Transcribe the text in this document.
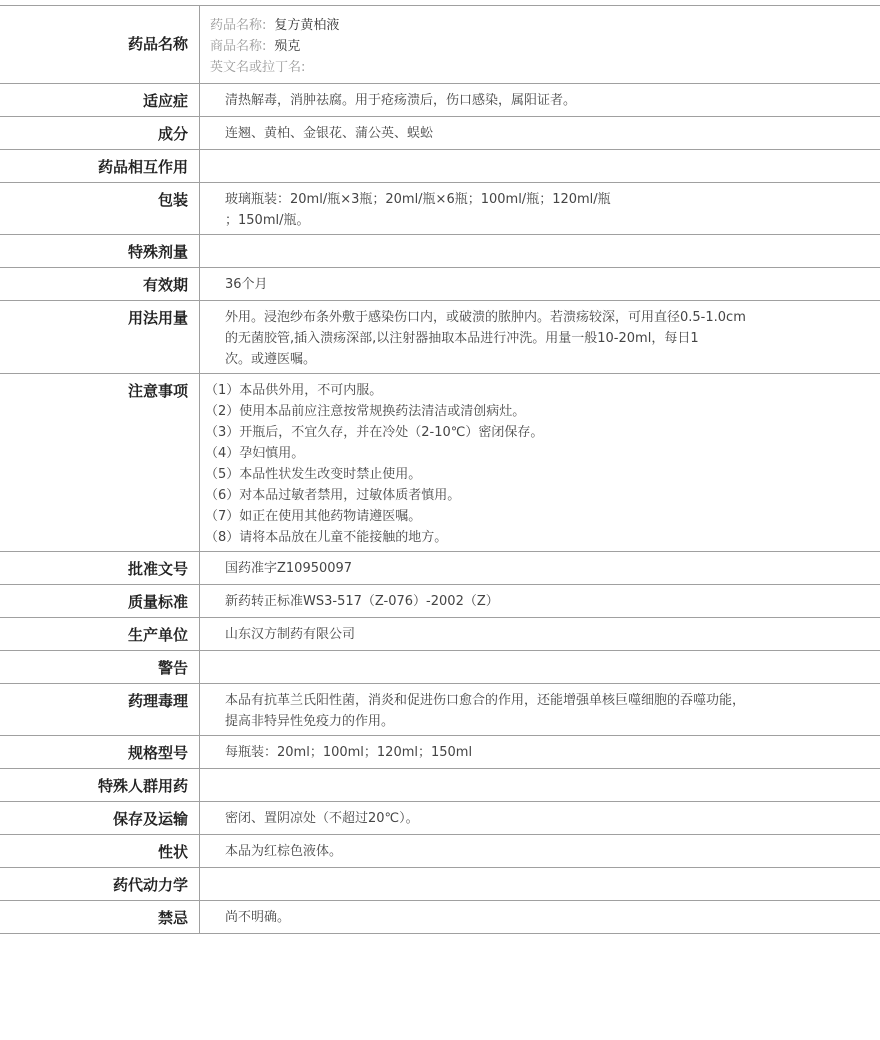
药品名称
药品名称: 复方黄柏液
商品名称: 殒克
英文名或拉丁名:
适应症	清热解毒，消肿祛腐。用于疮疡溃后，伤口感染，属阳证者。
成分	连翘、黄柏、金银花、蒲公英、蜈蚣
药品相互作用
包装	玻璃瓶装：20ml/瓶×3瓶；20ml/瓶×6瓶；100ml/瓶；120ml/瓶
；150ml/瓶。
特殊剂量
有效期	36个月
用法用量	外用。浸泡纱布条外敷于感染伤口内，或破溃的脓肿内。若溃疡较深，可用直径0.5-1.0cm
的无菌胶管,插入溃疡深部,以注射器抽取本品进行冲洗。用量一般10-20ml，每日1
次。或遵医嘱。
注意事项	（1）本品供外用，不可内服。
（2）使用本品前应注意按常规换药法清洁或清创病灶。
（3）开瓶后，不宜久存，并在冷处（2-10℃）密闭保存。
（4）孕妇慎用。
（5）本品性状发生改变时禁止使用。
（6）对本品过敏者禁用，过敏体质者慎用。
（7）如正在使用其他药物请遵医嘱。
（8）请将本品放在儿童不能接触的地方。
批准文号	国药准字Z10950097
质量标准	新药转正标准WS3-517（Z-076）-2002（Z）
生产单位	山东汉方制药有限公司
警告
药理毒理	本品有抗革兰氏阳性菌，消炎和促进伤口愈合的作用，还能增强单核巨噬细胞的吞噬功能，
提高非特异性免疫力的作用。
规格型号	每瓶装：20ml；100ml；120ml；150ml
特殊人群用药
保存及运输	密闭、置阴凉处（不超过20℃）。
性状	本品为红棕色液体。
药代动力学
禁忌	尚不明确。
